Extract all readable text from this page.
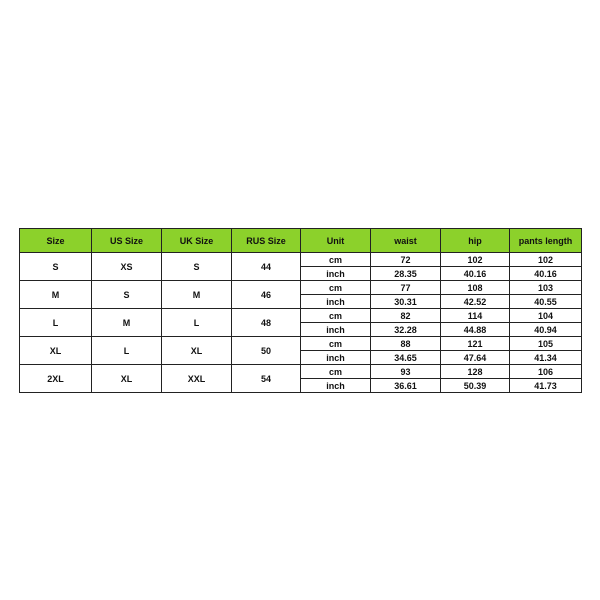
Size	US Size	UK Size	RUS Size	Unit	waist	hip	pants length
S	XS	S	44	cm	72	102	102
				inch	28.35	40.16	40.16
M	S	M	46	cm	77	108	103
				inch	30.31	42.52	40.55
L	M	L	48	cm	82	114	104
				inch	32.28	44.88	40.94
XL	L	XL	50	cm	88	121	105
				inch	34.65	47.64	41.34
2XL	XL	XXL	54	cm	93	128	106
				inch	36.61	50.39	41.73
